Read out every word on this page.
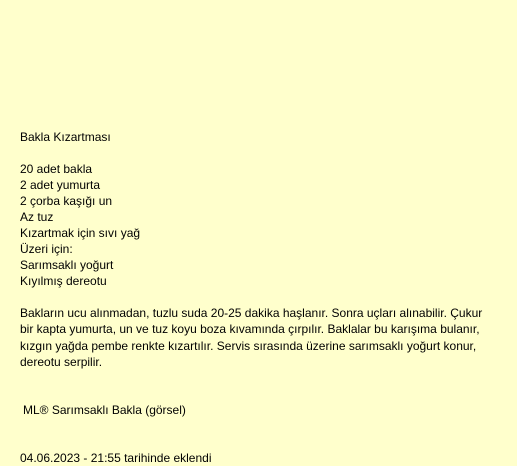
Bakla Kızartması
20 adet bakla
2 adet yumurta
2 çorba kaşığı un
Az tuz
Kızartmak için sıvı yağ
Üzeri için:
Sarımsaklı yoğurt
Kıyılmış dereotu
Bakların ucu alınmadan, tuzlu suda 20-25 dakika haşlanır. Sonra uçları alınabilir. Çukur bir kapta yumurta, un ve tuz koyu boza kıvamında çırpılır. Baklalar bu karışıma bulanır, kızgın yağda pembe renkte kızartılır. Servis sırasında üzerine sarımsaklı yoğurt konur, dereotu serpilir.
ML® Sarımsaklı Bakla (görsel)
04.06.2023 - 21:55 tarihinde eklendi
